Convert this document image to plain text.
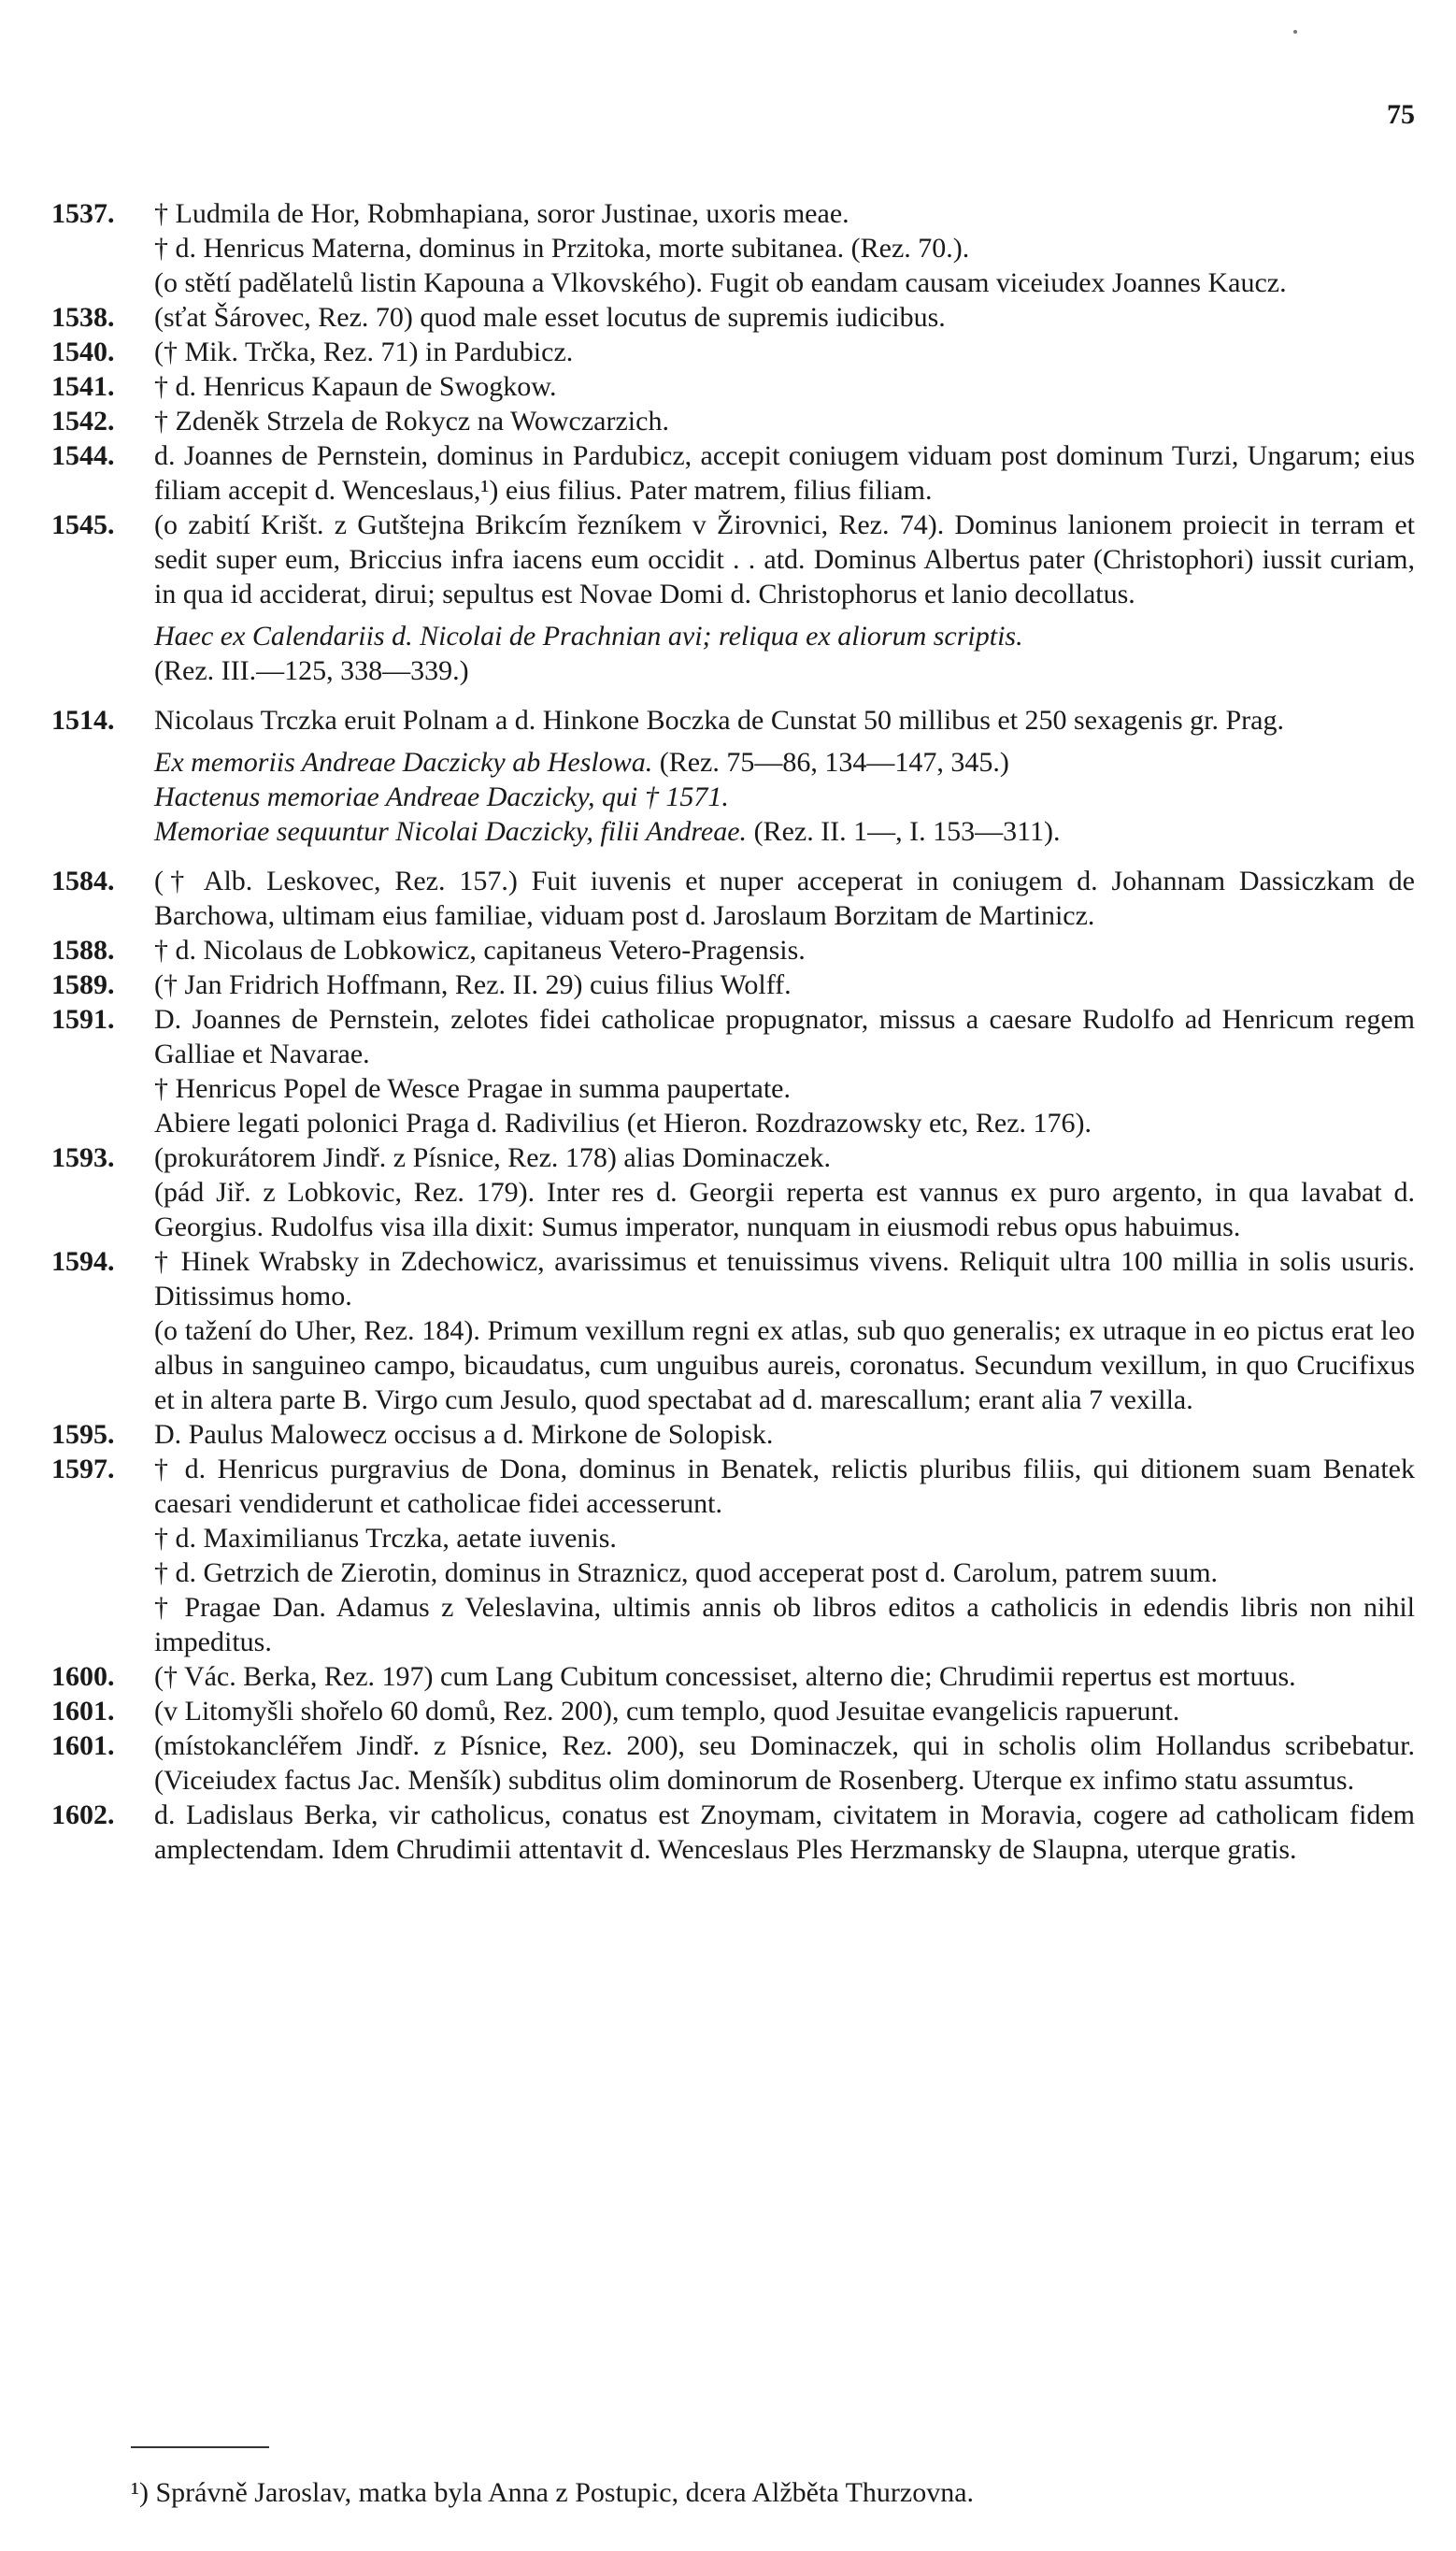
75
1537.	† Ludmila de Hor, Robmhapiana, soror Justinae, uxoris meae.

† d. Henricus Materna, dominus in Przitoka, morte subitanea. (Rez. 70.).

(o stětí padělatelů listin Kapouna a Vlkovského). Fugit ob eandam causam viceiudex Joannes Kaucz.

1538.	(sťat Šárovec, Rez. 70) quod male esset locutus de supremis iudicibus.

1540.	(† Mik. Trčka, Rez. 71) in Pardubicz.

1541.	† d. Henricus Kapaun de Swogkow.

1542.	† Zdeněk Strzela de Rokycz na Wowczarzich.

1544.	d. Joannes de Pernstein, dominus in Pardubicz, accepit coniugem viduam post dominum Turzi, Ungarum; eius filiam accepit d. Wenceslaus,¹) eius filius. Pater matrem, filius filiam.

1545.	(o zabití Krišt. z Gutštejna Brikcím řezníkem v Žirovnici, Rez. 74). Dominus lanionem proiecit in terram et sedit super eum, Briccius infra iacens eum occidit . . atd. Dominus Albertus pater (Christophori) iussit curiam, in qua id acciderat, dirui; sepultus est Novae Domi d. Christophorus et lanio decollatus.

Haec ex Calendariis d. Nicolai de Prachnian avi; reliqua ex aliorum scriptis.

(Rez. III.—125, 338—339.)

1514.	Nicolaus Trczka eruit Polnam a d. Hinkone Boczka de Cunstat 50 millibus et 250 sexagenis gr. Prag.

Ex memoriis Andreae Daczicky ab Heslowa. (Rez. 75—86, 134—147, 345.)

Hactenus memoriae Andreae Daczicky, qui † 1571.

Memoriae sequuntur Nicolai Daczicky, filii Andreae. (Rez. II. 1—, I. 153—311).

1584.	(† Alb. Leskovec, Rez. 157.) Fuit iuvenis et nuper acceperat in coniugem d. Johannam Dassiczkam de Barchowa, ultimam eius familiae, viduam post d. Jaroslaum Borzitam de Martinicz.

1588.	† d. Nicolaus de Lobkowicz, capitaneus Vetero-Pragensis.

1589.	(† Jan Fridrich Hoffmann, Rez. II. 29) cuius filius Wolff.

1591.	D. Joannes de Pernstein, zelotes fidei catholicae propugnator, missus a caesare Rudolfo ad Henricum regem Galliae et Navarae.

† Henricus Popel de Wesce Pragae in summa paupertate.

Abiere legati polonici Praga d. Radivilius (et Hieron. Rozdrazowsky etc, Rez. 176).

1593.	(prokurátorem Jindř. z Písnice, Rez. 178) alias Dominaczek.

(pád Jiř. z Lobkovic, Rez. 179). Inter res d. Georgii reperta est vannus ex puro argento, in qua lavabat d. Georgius. Rudolfus visa illa dixit: Sumus imperator, nunquam in eiusmodi rebus opus habuimus.

1594.	† Hinek Wrabsky in Zdechowicz, avarissimus et tenuissimus vivens. Reliquit ultra 100 millia in solis usuris. Ditissimus homo.

(o tažení do Uher, Rez. 184). Primum vexillum regni ex atlas, sub quo generalis; ex utraque in eo pictus erat leo albus in sanguineo campo, bicaudatus, cum unguibus aureis, coronatus. Secundum vexillum, in quo Crucifixus et in altera parte B. Virgo cum Jesulo, quod spectabat ad d. marescallum; erant alia 7 vexilla.

1595.	D. Paulus Malowecz occisus a d. Mirkone de Solopisk.

1597.	† d. Henricus purgravius de Dona, dominus in Benatek, relictis pluribus filiis, qui ditionem suam Benatek caesari vendiderunt et catholicae fidei accesserunt.

† d. Maximilianus Trczka, aetate iuvenis.

† d. Getrzich de Zierotin, dominus in Straznicz, quod acceperat post d. Carolum, patrem suum.

† Pragae Dan. Adamus z Veleslavina, ultimis annis ob libros editos a catholicis in edendis libris non nihil impeditus.

1600.	(† Vác. Berka, Rez. 197) cum Lang Cubitum concessiset, alterno die; Chrudimii repertus est mortuus.

1601.	(v Litomyšli shořelo 60 domů, Rez. 200), cum templo, quod Jesuitae evangelicis rapuerunt.

1601.	(místokancléřem Jindř. z Písnice, Rez. 200), seu Dominaczek, qui in scholis olim Hollandus scribebatur. (Viceiudex factus Jac. Menšík) subditus olim dominorum de Rosenberg. Uterque ex infimo statu assumtus.

1602.	d. Ladislaus Berka, vir catholicus, conatus est Znoymam, civitatem in Moravia, cogere ad catholicam fidem amplectendam. Idem Chrudimii attentavit d. Wenceslaus Ples Herzmansky de Slaupna, uterque gratis.

¹) Správně Jaroslav, matka byla Anna z Postupic, dcera Alžběta Thurzovna.
